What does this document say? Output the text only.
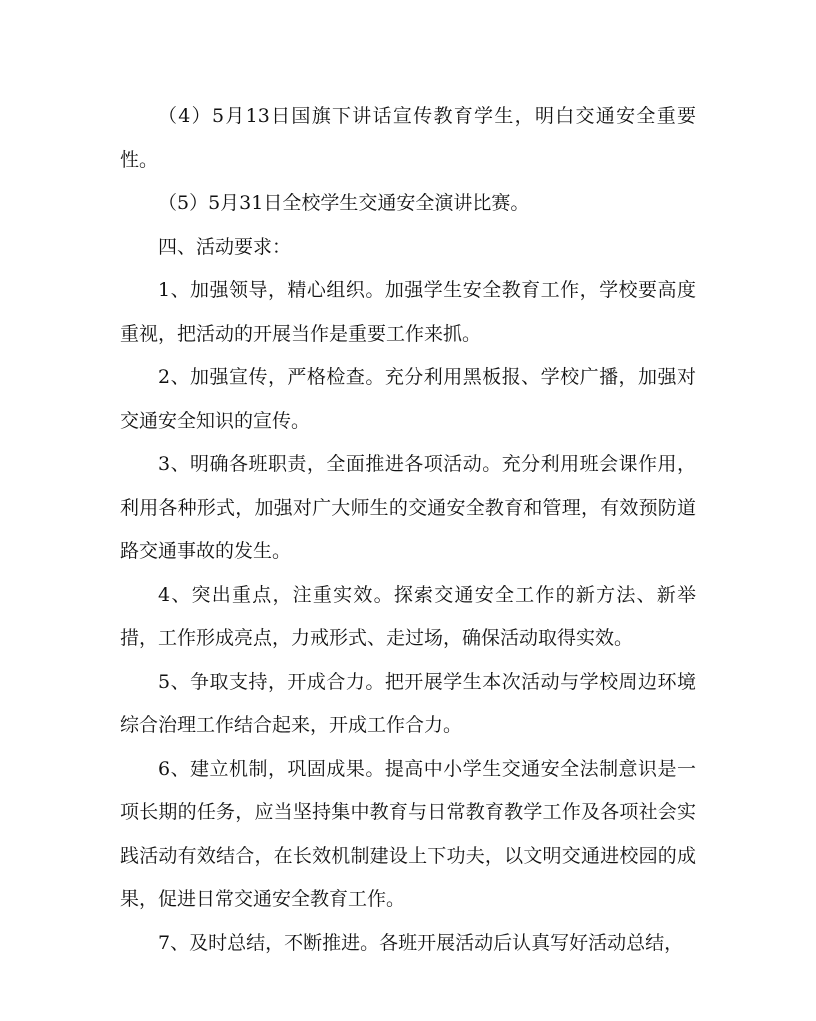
（4）5月13日国旗下讲话宣传教育学生，明白交通安全重要性。

（5）5月31日全校学生交通安全演讲比赛。

四、活动要求：

1、加强领导，精心组织。加强学生安全教育工作，学校要高度重视，把活动的开展当作是重要工作来抓。

2、加强宣传，严格检查。充分利用黑板报、学校广播，加强对交通安全知识的宣传。

3、明确各班职责，全面推进各项活动。充分利用班会课作用，利用各种形式，加强对广大师生的交通安全教育和管理，有效预防道路交通事故的发生。

4、突出重点，注重实效。探索交通安全工作的新方法、新举措，工作形成亮点，力戒形式、走过场，确保活动取得实效。

5、争取支持，开成合力。把开展学生本次活动与学校周边环境综合治理工作结合起来，开成工作合力。

6、建立机制，巩固成果。提高中小学生交通安全法制意识是一项长期的任务，应当坚持集中教育与日常教育教学工作及各项社会实践活动有效结合，在长效机制建设上下功夫，以文明交通进校园的成果，促进日常交通安全教育工作。

7、及时总结，不断推进。各班开展活动后认真写好活动总结，
